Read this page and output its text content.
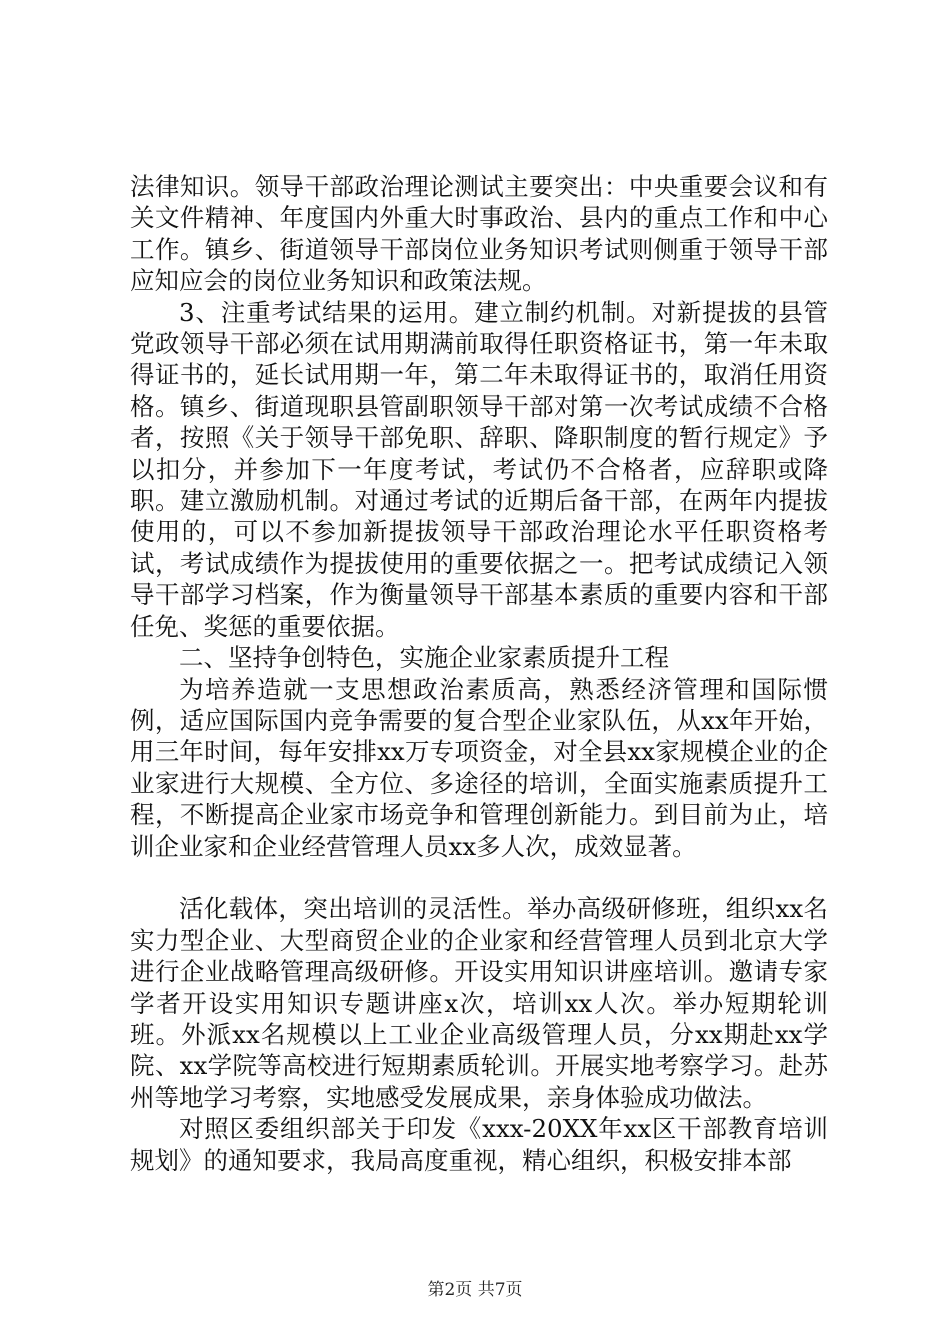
法律知识。领导干部政治理论测试主要突出：中央重要会议和有关文件精神、年度国内外重大时事政治、县内的重点工作和中心工作。镇乡、街道领导干部岗位业务知识考试则侧重于领导干部应知应会的岗位业务知识和政策法规。

3、注重考试结果的运用。建立制约机制。对新提拔的县管党政领导干部必须在试用期满前取得任职资格证书，第一年未取得证书的，延长试用期一年，第二年未取得证书的，取消任用资格。镇乡、街道现职县管副职领导干部对第一次考试成绩不合格者，按照《关于领导干部免职、辞职、降职制度的暂行规定》予以扣分，并参加下一年度考试，考试仍不合格者，应辞职或降职。建立激励机制。对通过考试的近期后备干部，在两年内提拔使用的，可以不参加新提拔领导干部政治理论水平任职资格考试，考试成绩作为提拔使用的重要依据之一。把考试成绩记入领导干部学习档案，作为衡量领导干部基本素质的重要内容和干部任免、奖惩的重要依据。

二、坚持争创特色，实施企业家素质提升工程

为培养造就一支思想政治素质高，熟悉经济管理和国际惯例，适应国际国内竞争需要的复合型企业家队伍，从xx年开始，用三年时间，每年安排xx万专项资金，对全县xx家规模企业的企业家进行大规模、全方位、多途径的培训，全面实施素质提升工程，不断提高企业家市场竞争和管理创新能力。到目前为止，培训企业家和企业经营管理人员xx多人次，成效显著。

活化载体，突出培训的灵活性。举办高级研修班，组织xx名实力型企业、大型商贸企业的企业家和经营管理人员到北京大学进行企业战略管理高级研修。开设实用知识讲座培训。邀请专家学者开设实用知识专题讲座x次，培训xx人次。举办短期轮训班。外派xx名规模以上工业企业高级管理人员，分xx期赴xx学院、xx学院等高校进行短期素质轮训。开展实地考察学习。赴苏州等地学习考察，实地感受发展成果，亲身体验成功做法。

对照区委组织部关于印发《xxx-20XX年xx区干部教育培训规划》的通知要求，我局高度重视，精心组织，积极安排本部

第2页 共7页
